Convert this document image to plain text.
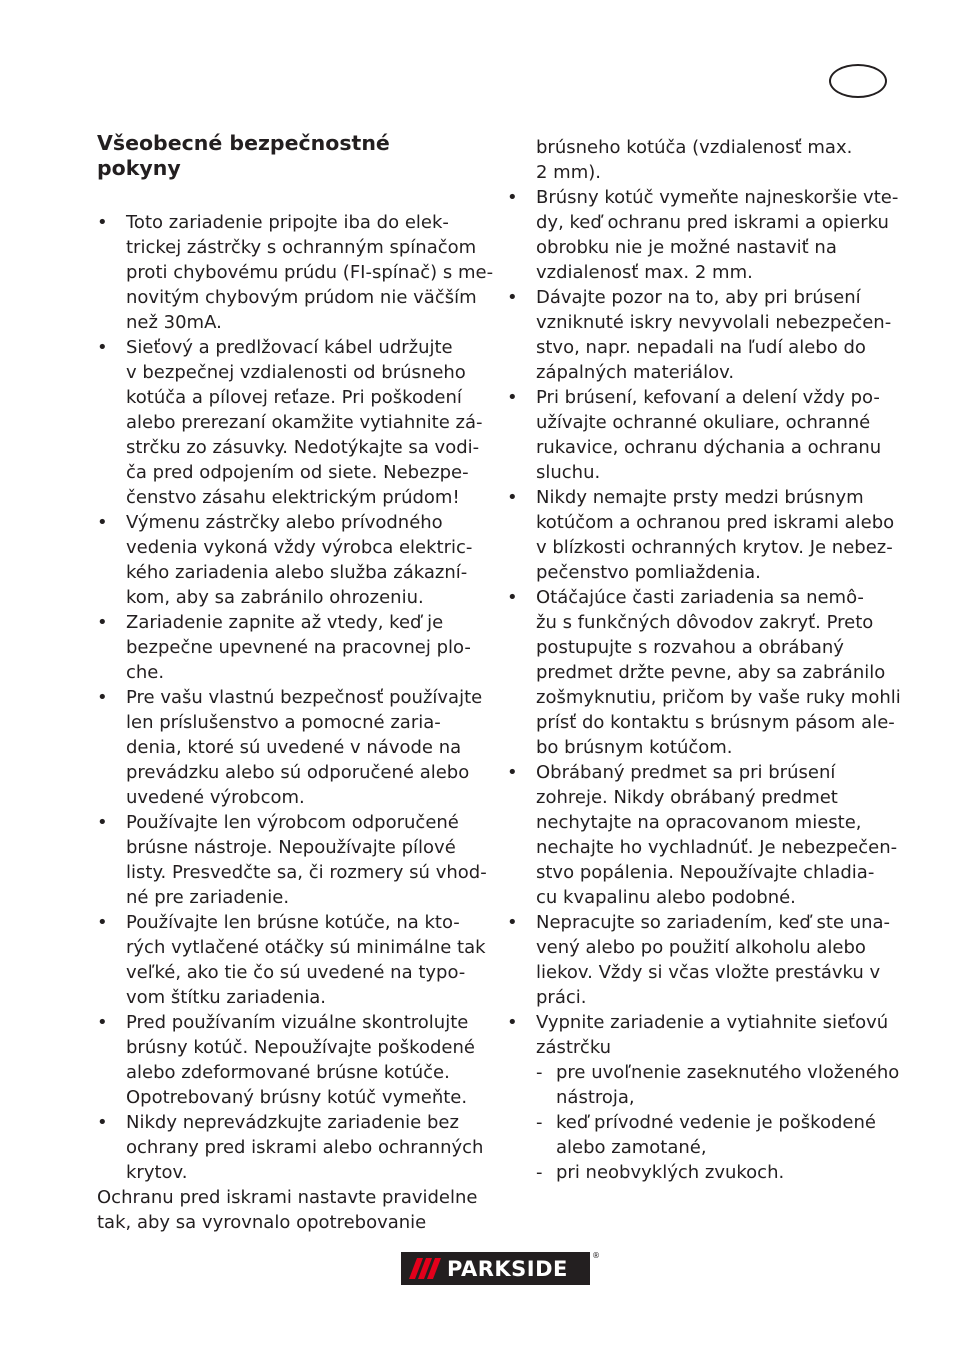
Všeobecné bezpečnostné
pokyny
•	Toto zariadenie pripojte iba do elek-
trickej zástrčky s ochranným spínačom
proti chybovému prúdu (FI-spínač) s me-
novitým chybovým prúdom nie väčším
než 30mA.
•	Sieťový a predlžovací kábel udržujte
v bezpečnej vzdialenosti od brúsneho
kotúča a pílovej reťaze. Pri poškodení
alebo prerezaní okamžite vytiahnite zá-
strčku zo zásuvky. Nedotýkajte sa vodi-
ča pred odpojením od siete. Nebezpe-
čenstvo zásahu elektrickým prúdom!
•	Výmenu zástrčky alebo prívodného
vedenia vykoná vždy výrobca elektric-
kého zariadenia alebo služba zákazní-
kom, aby sa zabránilo ohrozeniu.
•	Zariadenie zapnite až vtedy, keď je
bezpečne upevnené na pracovnej plo-
che.
•	Pre vašu vlastnú bezpečnosť používajte
len príslušenstvo a pomocné zaria-
denia, ktoré sú uvedené v návode na
prevádzku alebo sú odporučené alebo
uvedené výrobcom.
•	Používajte len výrobcom odporučené
brúsne nástroje. Nepoužívajte pílové
listy. Presvedčte sa, či rozmery sú vhod-
né pre zariadenie.
•	Používajte len brúsne kotúče, na kto-
rých vytlačené otáčky sú minimálne tak
veľké, ako tie čo sú uvedené na typo-
vom štítku zariadenia.
•	Pred používaním vizuálne skontrolujte
brúsny kotúč. Nepoužívajte poškodené
alebo zdeformované brúsne kotúče.
Opotrebovaný brúsny kotúč vymeňte.
•	Nikdy neprevádzkujte zariadenie bez
ochrany pred iskrami alebo ochranných
krytov.
Ochranu pred iskrami nastavte pravidelne
tak, aby sa vyrovnalo opotrebovanie
brúsneho kotúča (vzdialenosť max.
2 mm).
•	Brúsny kotúč vymeňte najneskoršie vte-
dy, keď ochranu pred iskrami a opierku
obrobku nie je možné nastaviť na
vzdialenosť max. 2 mm.
•	Dávajte pozor na to, aby pri brúsení
vzniknuté iskry nevyvolali nebezpečen-
stvo, napr. nepadali na ľudí alebo do
zápalných materiálov.
•	Pri brúsení, kefovaní a delení vždy po-
užívajte ochranné okuliare, ochranné
rukavice, ochranu dýchania a ochranu
sluchu.
•	Nikdy nemajte prsty medzi brúsnym
kotúčom a ochranou pred iskrami alebo
v blízkosti ochranných krytov. Je nebez-
pečenstvo pomliaždenia.
•	Otáčajúce časti zariadenia sa nemô-
žu s funkčných dôvodov zakryť. Preto
postupujte s rozvahou a obrábaný
predmet držte pevne, aby sa zabránilo
zošmyknutiu, pričom by vaše ruky mohli
prísť do kontaktu s brúsnym pásom ale-
bo brúsnym kotúčom.
•	Obrábaný predmet sa pri brúsení
zohreje. Nikdy obrábaný predmet
nechytajte na opracovanom mieste,
nechajte ho vychladnúť. Je nebezpečen-
stvo popálenia. Nepoužívajte chladia-
cu kvapalinu alebo podobné.
•	Nepracujte so zariadením, keď ste una-
vený alebo po použití alkoholu alebo
liekov. Vždy si včas vložte prestávku v
práci.
•	Vypnite zariadenie a vytiahnite sieťovú
zástrčku
- pre uvoľnenie zaseknutého vloženého
nástroja,
- keď prívodné vedenie je poškodené
alebo zamotané,
- pri neobvyklých zvukoch.
PARKSIDE
®
